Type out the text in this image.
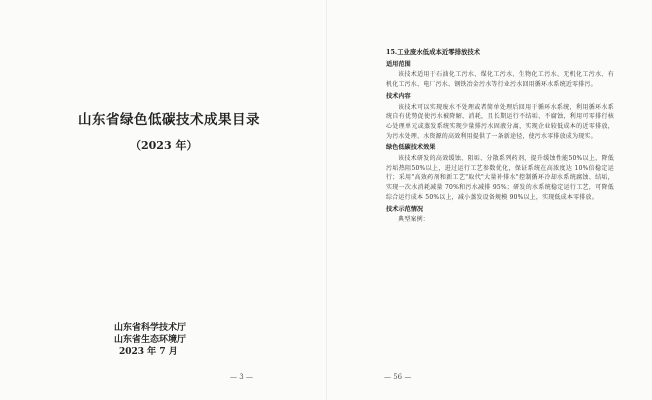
山东省绿色低碳技术成果目录
（2023 年）
山东省科学技术厅
山东省生态环境厅
2023 年 7 月
— 3 —

15.工业废水低成本近零排放技术

适用范围

该技术适用于石油化工污水、煤化工污水、生物化工污水、无机化工污水、有机化工污水、电厂污水、钢铁冶金污水等行业污水回用循环水系统近零排污。

技术内容

该技术可以实现废水不处理或者简单处理后回用于循环水系统，利用循环水系统自有优势促使污水被降解、消耗，且长期运行不结垢、不腐蚀，利用可零排行核心处理单元或蒸发系统实现少量排污水固液分离，实现企业较低成本的近零排放，为污水处理、水资源的高效利用提供了一条新途径，使污水零排放成为现实。

绿色低碳技术效果

该技术研发的高效缓蚀、阻垢、分散系列药剂，提升缓蚀性能50%以上，降低污垢热阻50%以上，进过运行工艺参数优化，保证系统在高浓度达 10%倍稳定运行；采用"高效药剂和新工艺"取代"大量补排水"控制循环冷却水系统腐蚀、结垢，实现一次水消耗减量 70%和污水减排 95%；研发的水系统稳定运行工艺，可降低综合运行成本 50%以上，减小蒸发设备规模 90%以上，实现低成本零排放。

技术示范情况

典型案例：

— 56 —
